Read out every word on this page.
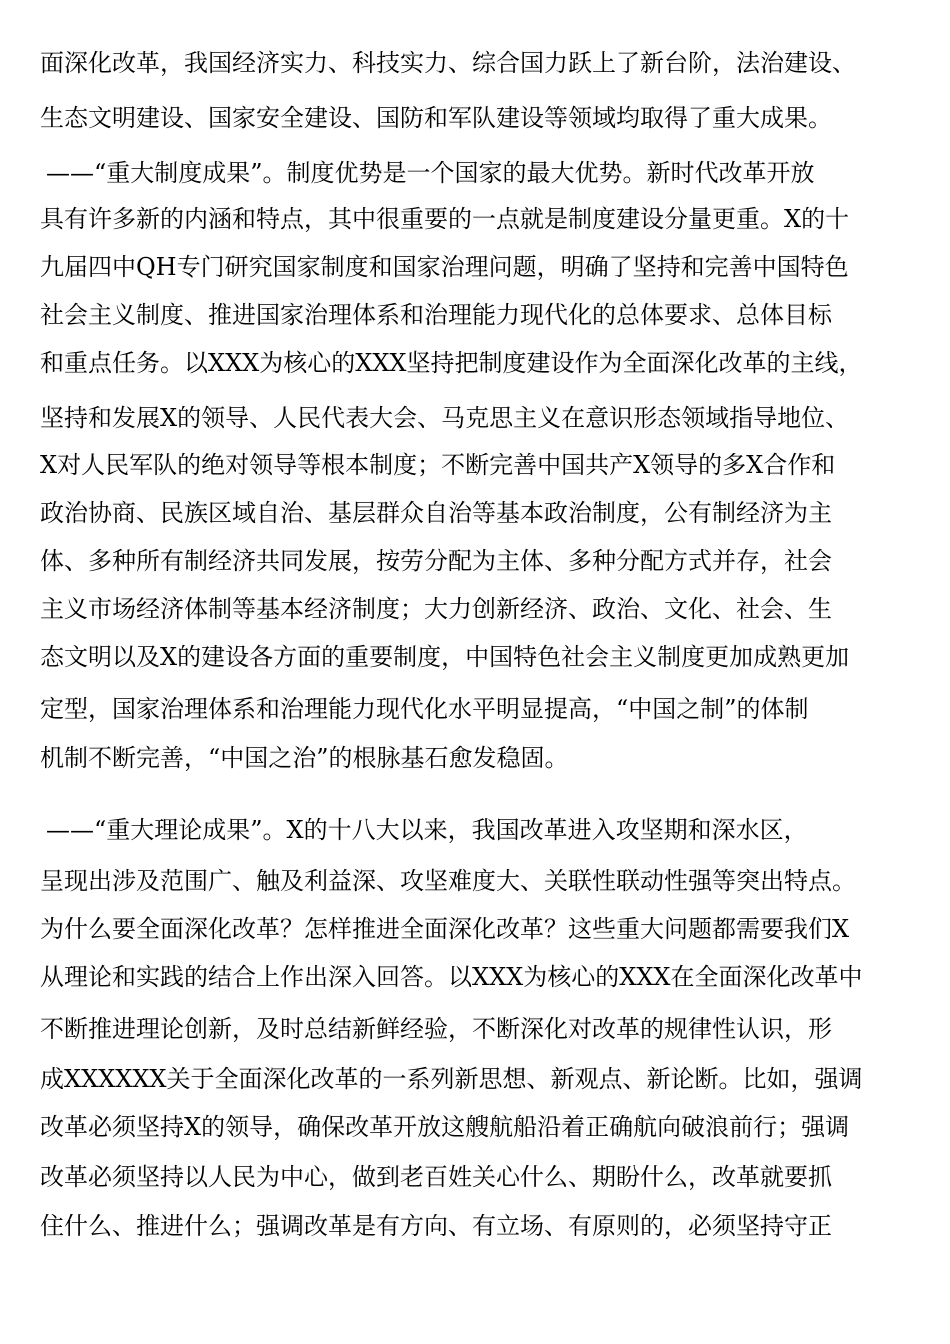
面深化改革，我国经济实力、科技实力、综合国力跃上了新台阶，法治建设、
生态文明建设、国家安全建设、国防和军队建设等领域均取得了重大成果。
——“重大制度成果”。制度优势是一个国家的最大优势。新时代改革开放
具有许多新的内涵和特点，其中很重要的一点就是制度建设分量更重。X的十
九届四中QH专门研究国家制度和国家治理问题，明确了坚持和完善中国特色
社会主义制度、推进国家治理体系和治理能力现代化的总体要求、总体目标
和重点任务。以XXX为核心的XXX坚持把制度建设作为全面深化改革的主线，
坚持和发展X的领导、人民代表大会、马克思主义在意识形态领域指导地位、
X对人民军队的绝对领导等根本制度；不断完善中国共产X领导的多X合作和
政治协商、民族区域自治、基层群众自治等基本政治制度，公有制经济为主
体、多种所有制经济共同发展，按劳分配为主体、多种分配方式并存，社会
主义市场经济体制等基本经济制度；大力创新经济、政治、文化、社会、生
态文明以及X的建设各方面的重要制度，中国特色社会主义制度更加成熟更加
定型，国家治理体系和治理能力现代化水平明显提高，“中国之制”的体制
机制不断完善，“中国之治”的根脉基石愈发稳固。
——“重大理论成果”。X的十八大以来，我国改革进入攻坚期和深水区，
呈现出涉及范围广、触及利益深、攻坚难度大、关联性联动性强等突出特点。
为什么要全面深化改革？怎样推进全面深化改革？这些重大问题都需要我们X
从理论和实践的结合上作出深入回答。以XXX为核心的XXX在全面深化改革中
不断推进理论创新，及时总结新鲜经验，不断深化对改革的规律性认识，形
成XXXXXX关于全面深化改革的一系列新思想、新观点、新论断。比如，强调
改革必须坚持X的领导，确保改革开放这艘航船沿着正确航向破浪前行；强调
改革必须坚持以人民为中心，做到老百姓关心什么、期盼什么，改革就要抓
住什么、推进什么；强调改革是有方向、有立场、有原则的，必须坚持守正
